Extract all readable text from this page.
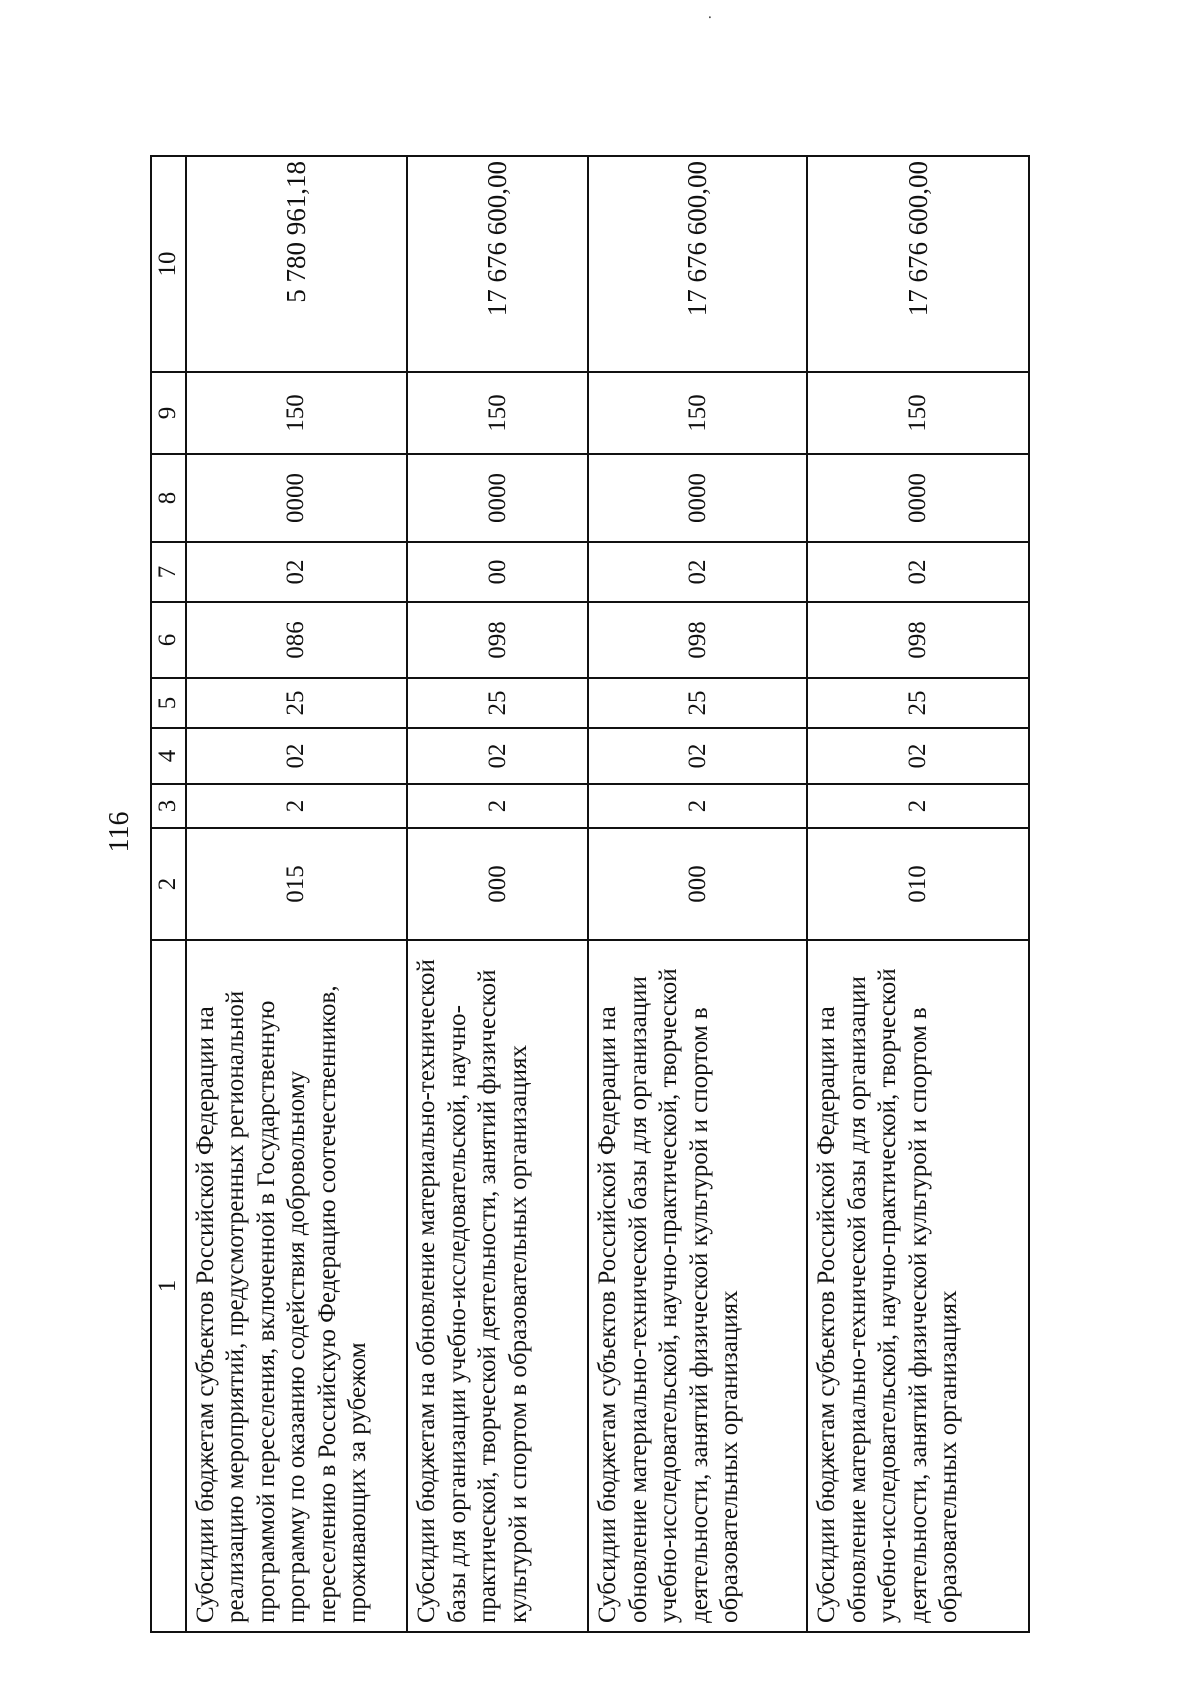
⸳
116
1	2	3	4	5	6	7	8	9	10
Субсидии бюджетам субъектов Российской Федерации на реализацию мероприятий, предусмотренных региональной программой переселения, включенной в Государственную программу по оказанию содействия добровольному переселению в Российскую Федерацию соотечественников, проживающих за рубежом	015	2	02	25	086	02	0000	150	5 780 961,18
Субсидии бюджетам на обновление материально-технической базы для организации учебно-исследовательской, научно-практической, творческой деятельности, занятий физической культурой и спортом в образовательных организациях	000	2	02	25	098	00	0000	150	17 676 600,00
Субсидии бюджетам субъектов Российской Федерации на обновление материально-технической базы для организации учебно-исследовательской, научно-практической, творческой деятельности, занятий физической культурой и спортом в образовательных организациях	000	2	02	25	098	02	0000	150	17 676 600,00
Субсидии бюджетам субъектов Российской Федерации на обновление материально-технической базы для организации учебно-исследовательской, научно-практической, творческой деятельности, занятий физической культурой и спортом в образовательных организациях	010	2	02	25	098	02	0000	150	17 676 600,00
